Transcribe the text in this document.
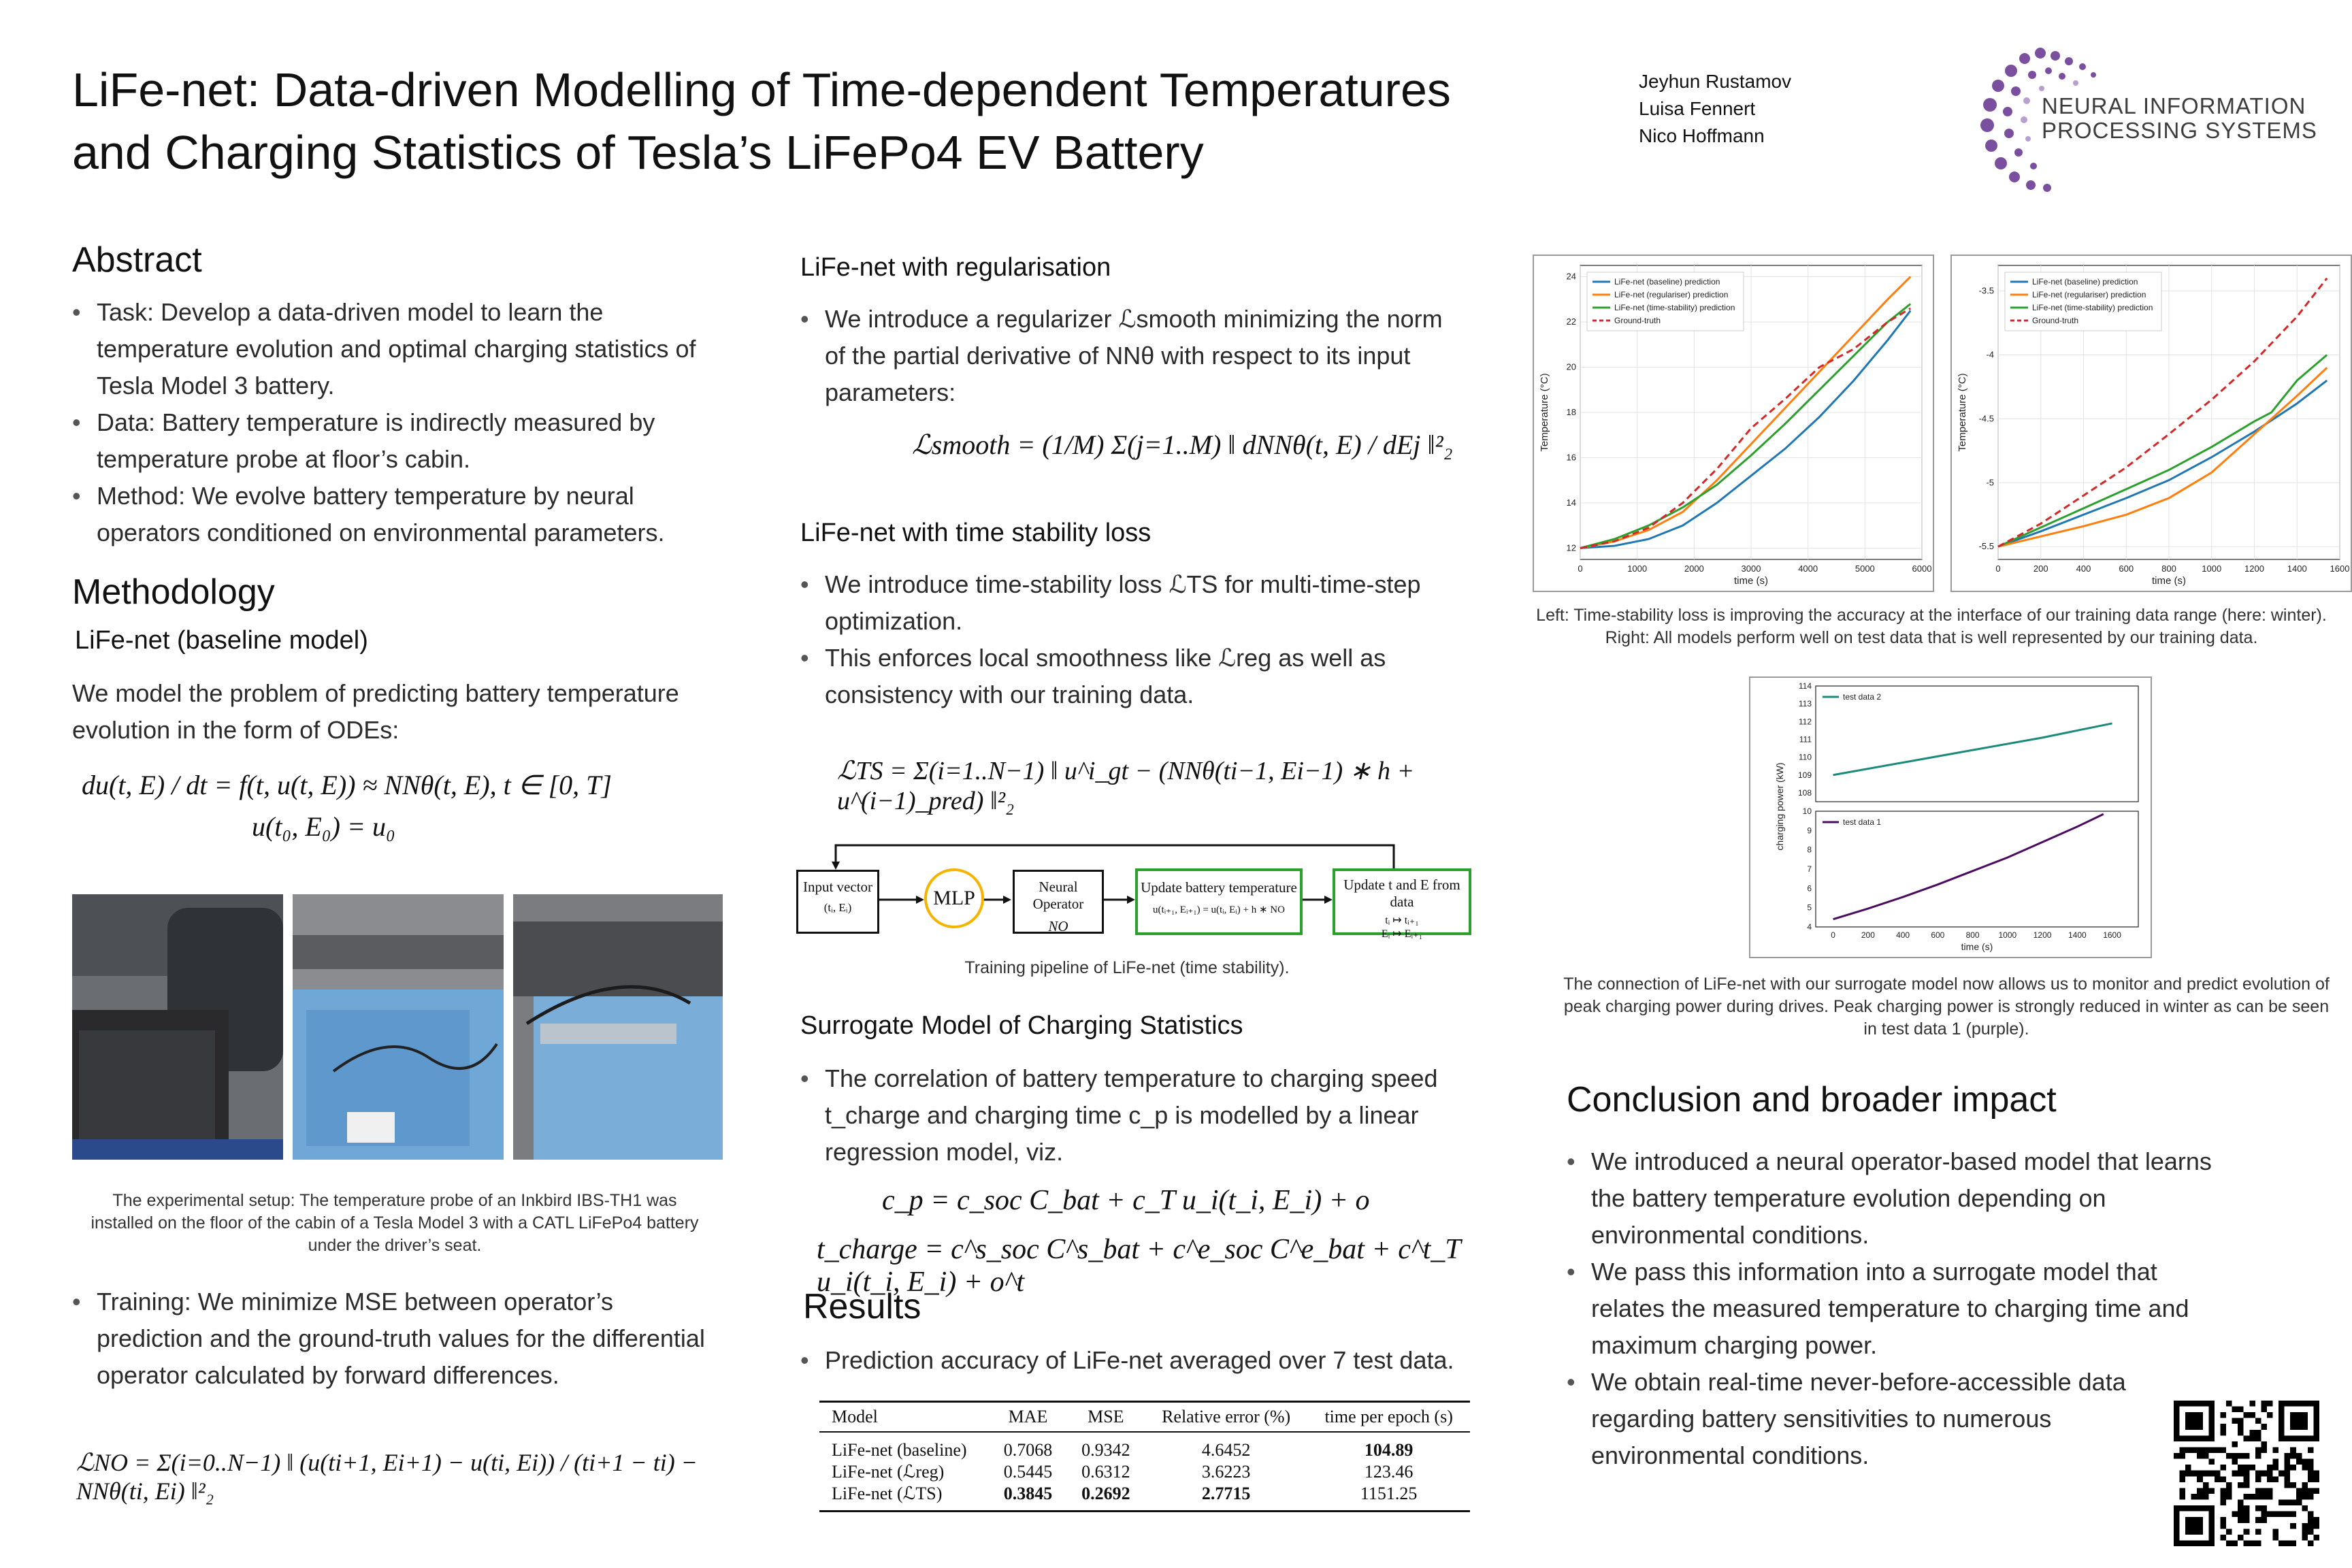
LiFe-net: Data-driven Modelling of Time-dependent Temperatures
and Charging Statistics of Tesla’s LiFePo4 EV Battery
Jeyhun Rustamov
Luisa Fennert
Nico Hoffmann
NEURAL INFORMATION
PROCESSING SYSTEMS
Abstract
• Task: Develop a data-driven model to learn the temperature evolution and optimal charging statistics of Tesla Model 3 battery.
• Data: Battery temperature is indirectly measured by temperature probe at floor’s cabin.
• Method: We evolve battery temperature by neural operators conditioned on environmental parameters.
Methodology
LiFe-net (baseline model)
We model the problem of predicting battery temperature evolution in the form of ODEs:
du(t, E) / dt = f(t, u(t, E)) ≈ NNθ(t, E), t ∈ [0, T]
u(t₀, E₀) = u₀
The experimental setup: The temperature probe of an Inkbird IBS-TH1 was installed on the floor of the cabin of a Tesla Model 3 with a CATL LiFePo4 battery under the driver’s seat.
• Training: We minimize MSE between operator’s prediction and the ground-truth values for the differential operator calculated by forward differences.
ℒNO = Σ(i=0..N−1) ‖ (u(ti+1, Ei+1) − u(ti, Ei)) / (ti+1 − ti) − NNθ(ti, Ei) ‖²₂
LiFe-net with regularisation
• We introduce a regularizer ℒsmooth minimizing the norm of the partial derivative of NNθ with respect to its input parameters:
ℒsmooth = (1/M) Σ(j=1..M) ‖ dNNθ(t, E) / dEj ‖²₂
LiFe-net with time stability loss
• We introduce time-stability loss ℒTS for multi-time-step optimization.
• This enforces local smoothness like ℒreg as well as consistency with our training data.
ℒTS = Σ(i=1..N−1) ‖ u^i_gt − (NNθ(ti−1, Ei−1) ∗ h + u^(i−1)_pred) ‖²₂
Input vector
(tᵢ, Eᵢ)	MLP	Neural Operator
NO
Update battery temperature
u(tᵢ₊₁, Eᵢ₊₁) = u(tᵢ, Eᵢ) + h ∗ NO
Update t and E from data
tᵢ ↦ tᵢ₊₁
Eᵢ ↦ Eᵢ₊₁
Training pipeline of LiFe-net (time stability).
Surrogate Model of Charging Statistics
• The correlation of battery temperature to charging speed t_charge and charging time c_p is modelled by a linear regression model, viz.
c_p = c_soc C_bat + c_T u_i(t_i, E_i) + o
t_charge = c^s_soc C^s_bat + c^e_soc C^e_bat + c^t_T u_i(t_i, E_i) + o^t
Results
• Prediction accuracy of LiFe-net averaged over 7 test data.
Model	MAE	MSE	Relative error (%)	time per epoch (s)
LiFe-net (baseline)	0.7068	0.9342	4.6452	104.89
LiFe-net (ℒreg)	0.5445	0.6312	3.6223	123.46
LiFe-net (ℒTS)	0.3845	0.2692	2.7715	1151.25
0	1000	2000	3000	4000	5000	6000
12
14
16
18
20
22
24
time (s)
Temperature (°C)
LiFe-net (baseline) prediction
LiFe-net (regulariser) prediction
LiFe-net (time-stability) prediction
Ground-truth
0	200	400	600	800	1000	1200	1400	1600
-5.5
-5
-4.5
-4
-3.5
time (s)
Temperature (°C)
LiFe-net (baseline) prediction
LiFe-net (regulariser) prediction
LiFe-net (time-stability) prediction
Ground-truth
Left: Time-stability loss is improving the accuracy at the interface of our training data range (here: winter). Right: All models perform well on test data that is well represented by our training data.
108
109
110
111
112
113
114
test data 2
4
5
6
7
8
9
10
0	200	400	600	800 1000 1200 1400 1600
time (s)
test data 1
charging power (kW)
The connection of LiFe-net with our surrogate model now allows us to monitor and predict evolution of peak charging power during drives. Peak charging power is strongly reduced in winter as can be seen in test data 1 (purple).
Conclusion and broader impact
• We introduced a neural operator-based model that learns the battery temperature evolution depending on environmental conditions.
• We pass this information into a surrogate model that relates the measured temperature to charging time and maximum charging power.
• We obtain real-time never-before-accessible data regarding battery sensitivities to numerous environmental conditions.
